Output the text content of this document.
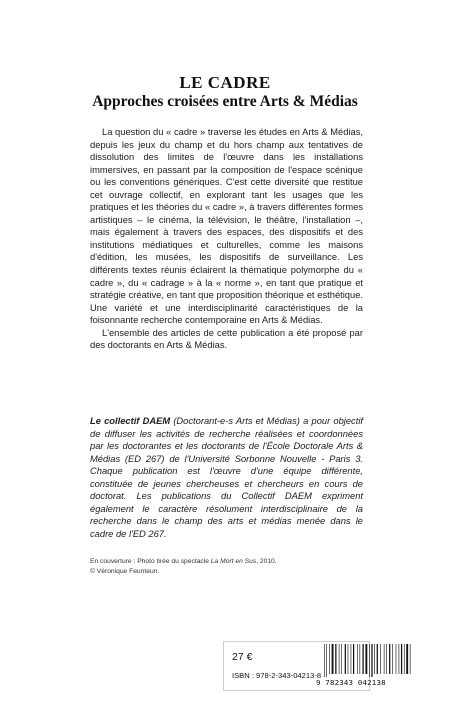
LE CADRE
Approches croisées entre Arts & Médias

La question du « cadre » traverse les études en Arts & Médias, depuis les jeux du champ et du hors champ aux tentatives de dissolution des limites de l'œuvre dans les installations immersives, en passant par la composition de l'espace scénique ou les conventions génériques. C'est cette diversité que restitue cet ouvrage collectif, en explorant tant les usages que les pratiques et les théories du « cadre », à travers différentes formes artistiques – le cinéma, la télévision, le théâtre, l'installation –, mais également à travers des espaces, des dispositifs et des institutions médiatiques et culturelles, comme les maisons d'édition, les musées, les dispositifs de surveillance. Les différents textes réunis éclairent la thématique polymorphe du « cadre », du « cadrage » à la « norme », en tant que pratique et stratégie créative, en tant que proposition théorique et esthétique. Une variété et une interdisciplinarité caractéristiques de la foisonnante recherche contemporaine en Arts & Médias.

L'ensemble des articles de cette publication a été proposé par des doctorants en Arts & Médias.

Le collectif DAEM (Doctorant-e-s Arts et Médias) a pour objectif de diffuser les activités de recherche réalisées et coordonnées par les doctorantes et les doctorants de l'École Doctorale Arts & Médias (ED 267) de l'Université Sorbonne Nouvelle - Paris 3. Chaque publication est l'œuvre d'une équipe différente, constituée de jeunes chercheuses et chercheurs en cours de doctorat. Les publications du Collectif DAEM expriment également le caractère résolument interdisciplinaire de la recherche dans le champ des arts et médias menée dans le cadre de l'ED 267.
En couverture : Photo tirée du spectacle La Mort en Sus, 2010.
© Véronique Feunteun.
27 €
ISBN : 978-2-343-04213-8
9 782343 042138
